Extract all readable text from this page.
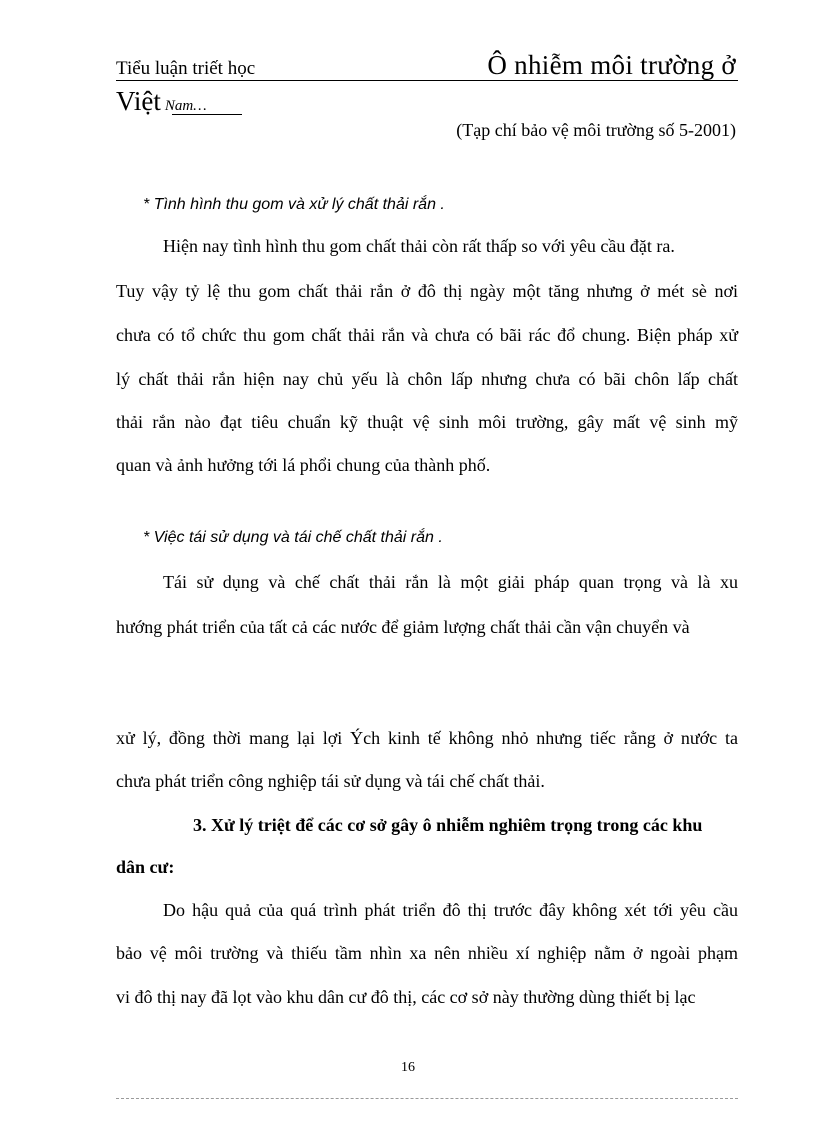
Tiểu luận triết học	Ô nhiễm môi trường ở
Việt Nam…
(Tạp chí bảo vệ môi trường số 5-2001)
* Tình hình thu gom và xử lý chất thải rắn .
Hiện nay tình hình thu gom chất thải còn rất thấp so với yêu cầu đặt ra.
Tuy vậy tỷ lệ thu gom chất thải rắn ở đô thị ngày một tăng nhưng ở mét sè nơi
chưa có tổ chức thu gom chất thải rắn và chưa có bãi rác đổ chung. Biện pháp xử
lý chất thải rắn hiện nay chủ yếu là chôn lấp nhưng chưa có bãi chôn lấp chất
thải rắn nào đạt tiêu chuẩn kỹ thuật vệ sinh môi trường, gây mất vệ sinh mỹ
quan và ảnh hưởng tới lá phổi chung của thành phố.
* Việc tái sử dụng và tái chế chất thải rắn .
Tái sử dụng và chế chất thải rắn là một giải pháp quan trọng và là xu
hướng phát triển của tất cả các nước để giảm lượng chất thải cần vận chuyển và
xử lý, đồng thời mang lại lợi Ých kinh tế không nhỏ nhưng tiếc rằng ở nước ta
chưa phát triển công nghiệp tái sử dụng và tái chế chất thải.
3. Xử lý triệt để các cơ sở gây ô nhiễm nghiêm trọng trong các khu
dân cư:
Do hậu quả của quá trình phát triển đô thị trước đây không xét tới yêu cầu
bảo vệ môi trường và thiếu tầm nhìn xa nên nhiều xí nghiệp nằm ở ngoài phạm
vi đô thị nay đã lọt vào khu dân cư đô thị, các cơ sở này thường dùng thiết bị lạc
16
